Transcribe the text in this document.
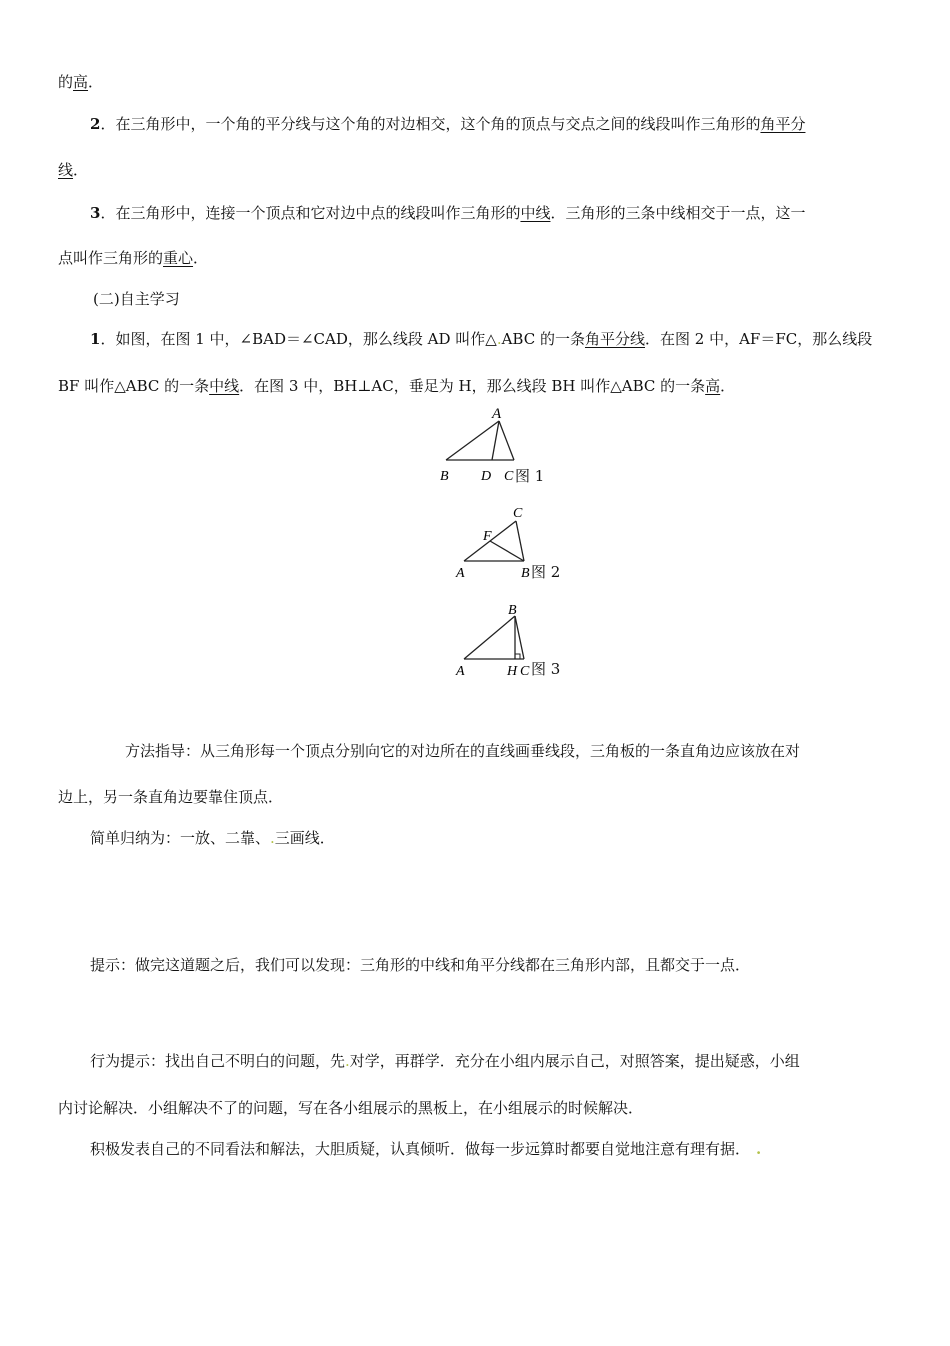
的高．
2．在三角形中，一个角的平分线与这个角的对边相交，这个角的顶点与交点之间的线段叫作三角形的角平分
线．
3．在三角形中，连接一个顶点和它对边中点的线段叫作三角形的中线．三角形的三条中线相交于一点，这一
点叫作三角形的重心．
(二)自主学习
1．如图，在图 1 中，∠BAD＝∠CAD，那么线段 AD 叫作△.ABC 的一条角平分线．在图 2 中，AF＝FC，那么线段
BF 叫作△ABC 的一条中线．在图 3 中，BH⊥AC，垂足为 H，那么线段 BH 叫作△ABC 的一条高．
A
B D C 图 1
C
F
A	B 图 2
B
A	H C 图 3
方法指导：从三角形每一个顶点分别向它的对边所在的直线画垂线段，三角板的一条直角边应该放在对
边上，另一条直角边要靠住顶点．
简单归纳为：一放、二靠、.三画线．
提示：做完这道题之后，我们可以发现：三角形的中线和角平分线都在三角形内部，且都交于一点．
行为提示：找出自己不明白的问题，先.对学，再群学．充分在小组内展示自己，对照答案，提出疑惑，小组
内讨论解决．小组解决不了的问题，写在各小组展示的黑板上，在小组展示的时候解决．
积极发表自己的不同看法和解法，大胆质疑，认真倾听．做每一步远算时都要自觉地注意有理有据． .
